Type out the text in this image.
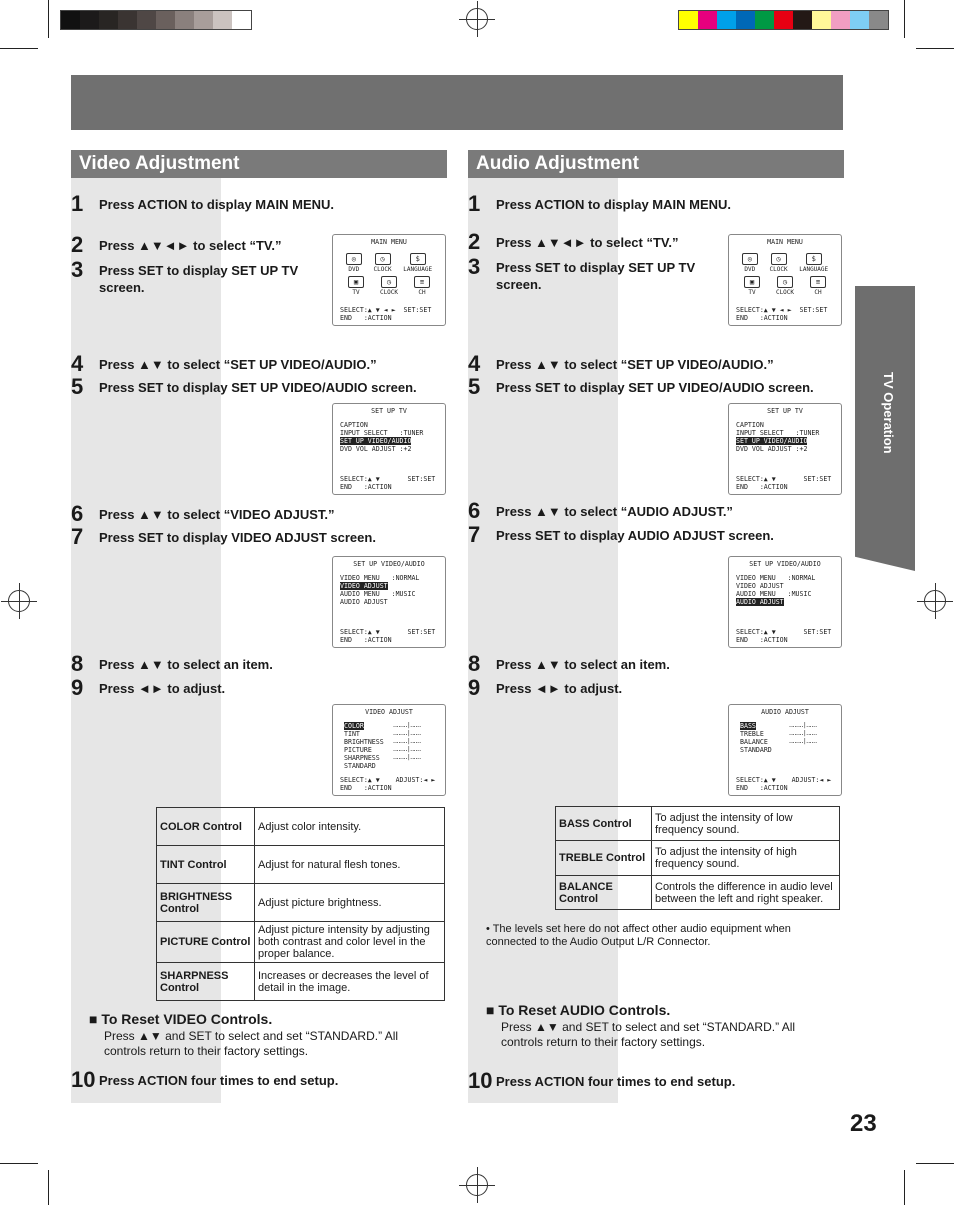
Video Adjustment	Audio Adjustment
1	Press ACTION to display MAIN MENU.
2	Press ▲▼◄► to select “TV.”
3	Press SET to display SET UP TV screen.
4	Press ▲▼ to select “SET UP VIDEO/AUDIO.”
5	Press SET to display SET UP VIDEO/AUDIO screen.
6	Press ▲▼ to select “VIDEO ADJUST.”
7	Press SET to display VIDEO ADJUST screen.
8	Press ▲▼ to select an item.
9	Press ◄► to adjust.
10 Press ACTION four times to end setup.
1	Press ACTION to display MAIN MENU.
2	Press ▲▼◄► to select “TV.”
3	Press SET to display SET UP TV screen.
4	Press ▲▼ to select “SET UP VIDEO/AUDIO.”
5	Press SET to display SET UP VIDEO/AUDIO screen.
6	Press ▲▼ to select “AUDIO ADJUST.”
7	Press SET to display AUDIO ADJUST screen.
8	Press ▲▼ to select an item.
9	Press ◄► to adjust.
10 Press ACTION four times to end setup.
MAIN MENU
◎
DVD
◷
CLOCK
$
LANGUAGE
▣
TV
◷
CLOCK
≡
CH
SELECT:▲ ▼ ◄ ►  SET:SET
END   :ACTION
SET UP TV
CAPTION
INPUT SELECT   :TUNER
SET UP VIDEO/AUDIO
DVD VOL ADJUST :+2
SELECT:▲ ▼       SET:SET
END   :ACTION
SET UP VIDEO/AUDIO
VIDEO MENU   :NORMAL
VIDEO ADJUST
AUDIO MENU   :MUSIC
AUDIO ADJUST
SELECT:▲ ▼       SET:SET
END   :ACTION
VIDEO ADJUST
COLOR	‥‥‥‥|‥‥‥
TINT	‥‥‥‥|‥‥‥
BRIGHTNESS ‥‥‥‥|‥‥‥
PICTURE	‥‥‥‥|‥‥‥
SHARPNESS ‥‥‥‥|‥‥‥
STANDARD
SELECT:▲ ▼    ADJUST:◄ ►
END   :ACTION
MAIN MENU
◎
DVD
◷
CLOCK
$
LANGUAGE
▣
TV
◷
CLOCK
≡
CH
SELECT:▲ ▼ ◄ ►  SET:SET
END   :ACTION
SET UP TV
CAPTION
INPUT SELECT   :TUNER
SET UP VIDEO/AUDIO
DVD VOL ADJUST :+2
SELECT:▲ ▼       SET:SET
END   :ACTION
SET UP VIDEO/AUDIO
VIDEO MENU   :NORMAL
VIDEO ADJUST
AUDIO MENU   :MUSIC
AUDIO ADJUST
SELECT:▲ ▼       SET:SET
END   :ACTION
AUDIO ADJUST
BASS	‥‥‥‥|‥‥‥
TREBLE	‥‥‥‥|‥‥‥
BALANCE	‥‥‥‥|‥‥‥
STANDARD
SELECT:▲ ▼    ADJUST:◄ ►
END   :ACTION
COLOR Control	Adjust color intensity.
TINT Control	Adjust for natural flesh tones.
BRIGHTNESS Control	Adjust picture brightness.
PICTURE Control	Adjust picture intensity by adjusting both contrast and color level in the proper balance.
SHARPNESS Control	Increases or decreases the level of detail in the image.
BASS Control	To adjust the intensity of low frequency sound.
TREBLE Control	To adjust the intensity of high frequency sound.
BALANCE Control	Controls the difference in audio level between the left and right speaker.
• The levels set here do not affect other audio equipment when connected to the Audio Output L/R Connector.
■ To Reset VIDEO Controls.
Press ▲▼ and SET to select and set “STANDARD.” All controls return to their factory settings.
■ To Reset AUDIO Controls.
Press ▲▼ and SET to select and set “STANDARD.” All controls return to their factory settings.
TV Operation
23
